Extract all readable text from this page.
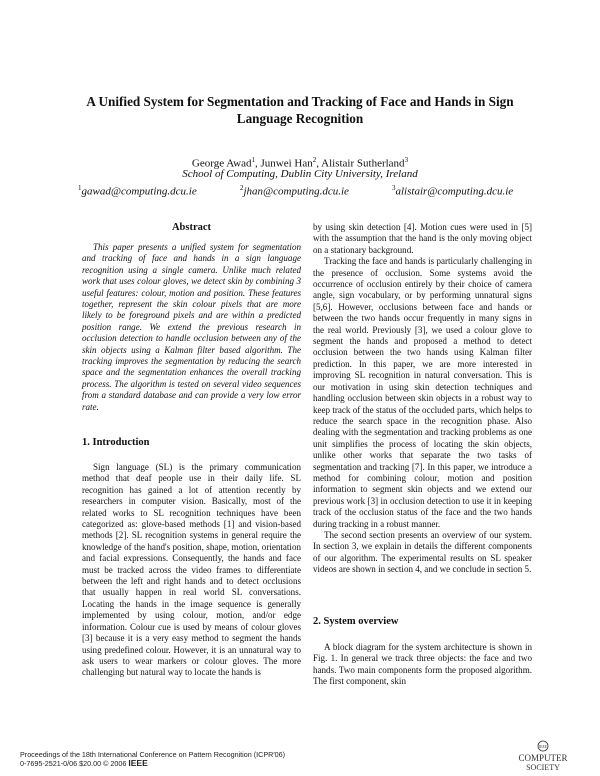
A Unified System for Segmentation and Tracking of Face and Hands in Sign Language Recognition
George Awad$^1$, Junwei Han$^2$, Alistair Sutherland$^3$
School of Computing, Dublin City University, Ireland
$^1$gawad@computing.dcu.ie	$^2$jhan@computing.dcu.ie	$^3$alistair@computing.dcu.ie
Abstract

This paper presents a unified system for segmentation and tracking of face and hands in a sign language recognition using a single camera. Unlike much related work that uses colour gloves, we detect skin by combining 3 useful features: colour, motion and position. These features together, represent the skin colour pixels that are more likely to be foreground pixels and are within a predicted position range. We extend the previous research in occlusion detection to handle occlusion between any of the skin objects using a Kalman filter based algorithm. The tracking improves the segmentation by reducing the search space and the segmentation enhances the overall tracking process. The algorithm is tested on several video sequences from a standard database and can provide a very low error rate.

1. Introduction

Sign language (SL) is the primary communication method that deaf people use in their daily life. SL recognition has gained a lot of attention recently by researchers in computer vision. Basically, most of the related works to SL recognition techniques have been categorized as: glove-based methods [1] and vision-based methods [2]. SL recognition systems in general require the knowledge of the hand's position, shape, motion, orientation and facial expressions. Consequently, the hands and face must be tracked across the video frames to differentiate between the left and right hands and to detect occlusions that usually happen in real world SL conversations. Locating the hands in the image sequence is generally implemented by using colour, motion, and/or edge information. Colour cue is used by means of colour gloves [3] because it is a very easy method to segment the hands using predefined colour. However, it is an unnatural way to ask users to wear markers or colour gloves. The more challenging but natural way to locate the hands is

by using skin detection [4]. Motion cues were used in [5] with the assumption that the hand is the only moving object on a stationary background.

Tracking the face and hands is particularly challenging in the presence of occlusion. Some systems avoid the occurrence of occlusion entirely by their choice of camera angle, sign vocabulary, or by performing unnatural signs [5,6]. However, occlusions between face and hands or between the two hands occur frequently in many signs in the real world. Previously [3], we used a colour glove to segment the hands and proposed a method to detect occlusion between the two hands using Kalman filter prediction. In this paper, we are more interested in improving SL recognition in natural conversation. This is our motivation in using skin detection techniques and handling occlusion between skin objects in a robust way to keep track of the status of the occluded parts, which helps to reduce the search space in the recognition phase. Also dealing with the segmentation and tracking problems as one unit simplifies the process of locating the skin objects, unlike other works that separate the two tasks of segmentation and tracking [7]. In this paper, we introduce a method for combining colour, motion and position information to segment skin objects and we extend our previous work [3] in occlusion detection to use it in keeping track of the occlusion status of the face and the two hands during tracking in a robust manner.

The second section presents an overview of our system. In section 3, we explain in details the different components of our algorithm. The experimental results on SL speaker videos are shown in section 4, and we conclude in section 5.

2. System overview

A block diagram for the system architecture is shown in Fig. 1. In general we track three objects: the face and two hands. Two main components form the proposed algorithm. The first component, skin

Proceedings of the 18th International Conference on Pattern Recognition (ICPR'06)
0-7695-2521-0/06 $20.00 © 2006 IEEE
IEEE
COMPUTER
SOCIETY
